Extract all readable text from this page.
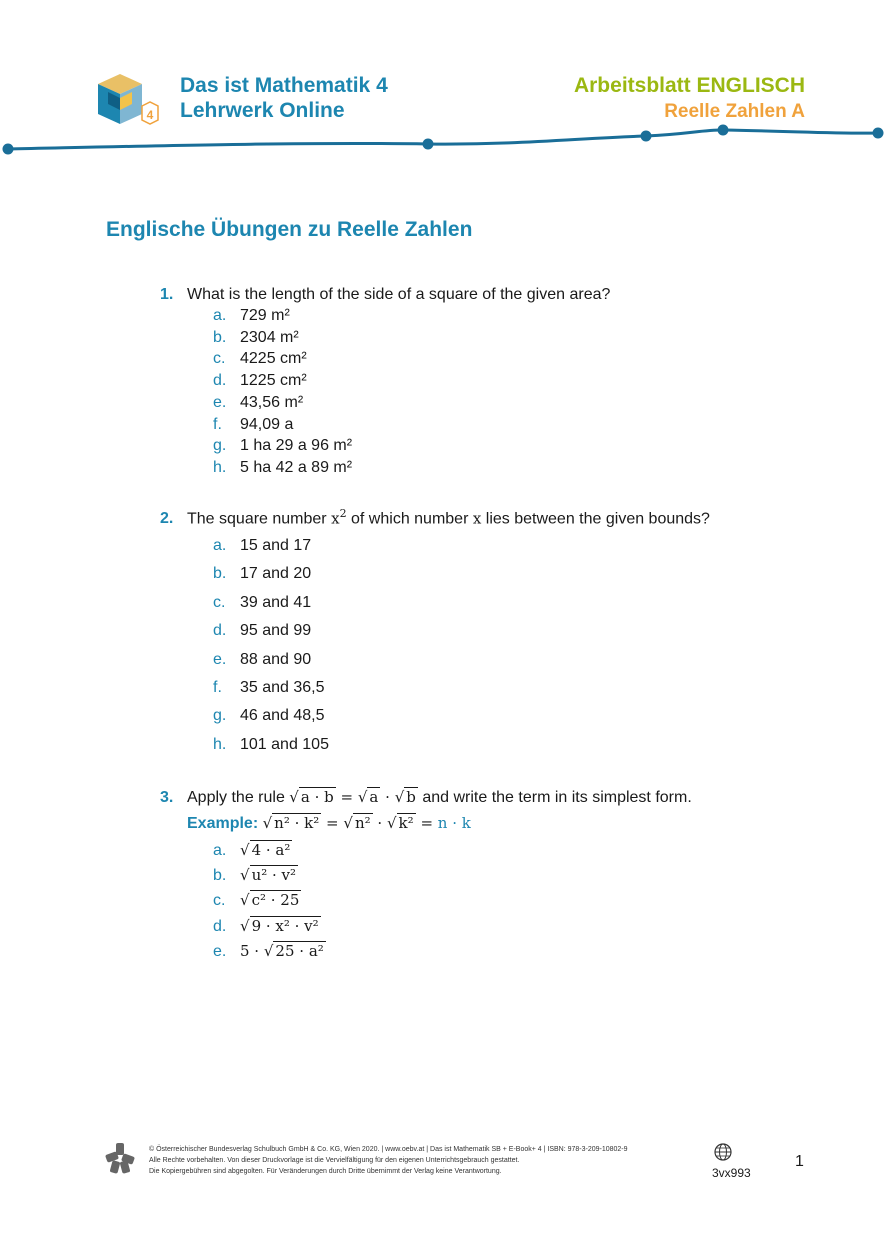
4
Das ist Mathematik 4
Lehrwerk Online
Arbeitsblatt ENGLISCH
Reelle Zahlen A
Englische Übungen zu Reelle Zahlen
1. What is the length of the side of a square of the given area?
a. 729 m²
b. 2304 m²
c. 4225 cm²
d. 1225 cm²
e. 43,56 m²
f. 94,09 a
g. 1 ha 29 a 96 m²
h. 5 ha 42 a 89 m²
2. The square number $x^2$ of which number x lies between the given bounds?
a. 15 and 17
b. 17 and 20
c. 39 and 41
d. 95 and 99
e. 88 and 90
f. 35 and 36,5
g. 46 and 48,5
h. 101 and 105
3. Apply the rule √ a · b = √ a · √ b and write the term in its simplest form.
Example: √ n² · k² = √ n² · √ k² = n · k
a. √ 4 · a²
b. √ u² · v²
c. √ c² · 25
d. √ 9 · x² · v²
e. 5 · √ 25 · a²
© Österreichischer Bundesverlag Schulbuch GmbH & Co. KG, Wien 2020. | www.oebv.at | Das ist Mathematik SB + E-Book+ 4 | ISBN: 978-3-209-10802-9
Alle Rechte vorbehalten. Von dieser Druckvorlage ist die Vervielfältigung für den eigenen Unterrichtsgebrauch gestattet.
Die Kopiergebühren sind abgegolten. Für Veränderungen durch Dritte übernimmt der Verlag keine Verantwortung.	3vx993
1
